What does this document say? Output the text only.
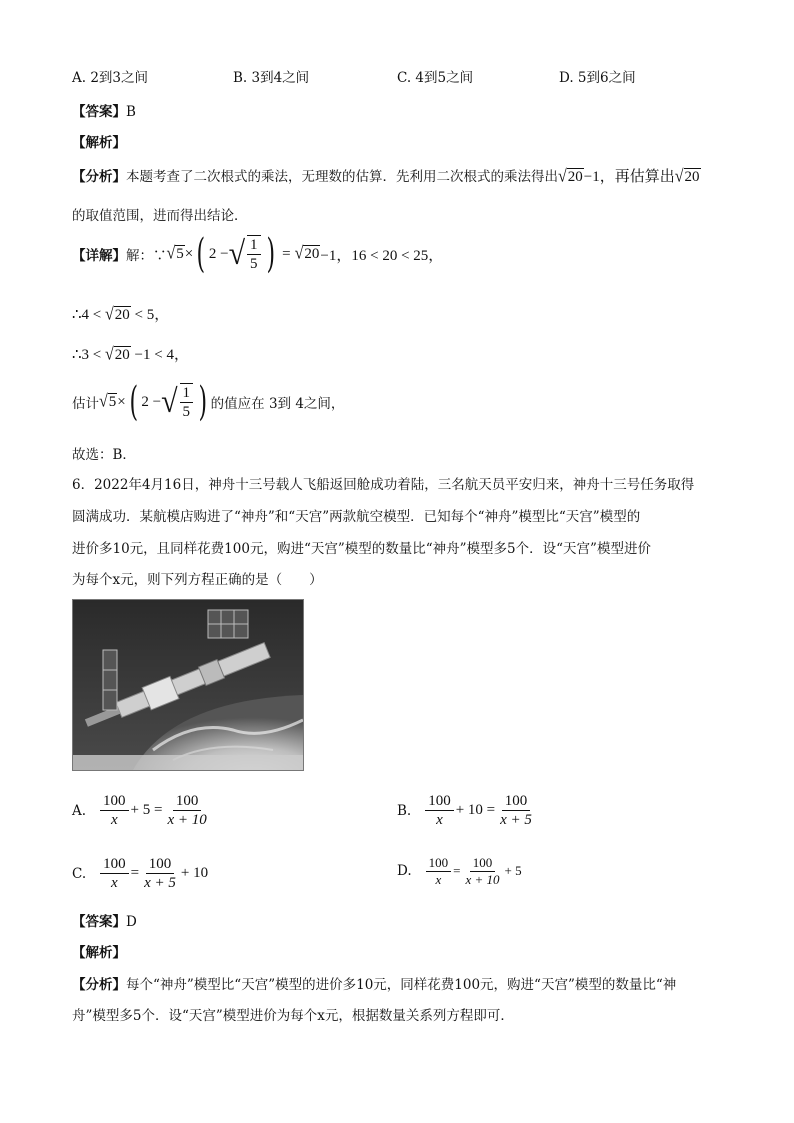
A. 2到3之间	B. 3到4之间	C. 4到5之间	D. 5到6之间
【答案】B
【解析】
【分析】本题考查了二次根式的乘法，无理数的估算．先利用二次根式的乘法得出√20−1，再估算出√20
的取值范围，进而得出结论．
【详解】 解：∵ √5 × ( 2 − √ $\frac{1}{5}$ ) = √20 −1，16 < 20 < 25，
∴4 < √20 < 5，
∴3 < √20 −1 < 4，
估计 √5 × ( 2 − √ $\frac{1}{5}$ ) 的值应在 3到 4之间，
故选：B．
6．2022年4月16日，神舟十三号载人飞船返回舱成功着陆，三名航天员平安归来，神舟十三号任务取得
圆满成功．某航模店购进了“神舟”和“天宫”两款航空模型．已知每个“神舟”模型比“天宫”模型的
进价多10元，且同样花费100元，购进“天宫”模型的数量比“神舟”模型多5个．设“天宫”模型进价
为每个x元，则下列方程正确的是（　　）
A. $\frac{100}{x} + 5 = \frac{100}{x + 10}$	B. $\frac{100}{x} + 10 = \frac{100}{x + 5}$
C. $\frac{100}{x} = \frac{100}{x + 5} + 10$	D. $\frac{100}{x} = \frac{100}{x + 10} + 5$
【答案】D
【解析】
【分析】每个“神舟”模型比“天宫”模型的进价多10元，同样花费100元，购进“天宫”模型的数量比“神
舟”模型多5个．设“天宫”模型进价为每个x元，根据数量关系列方程即可．
